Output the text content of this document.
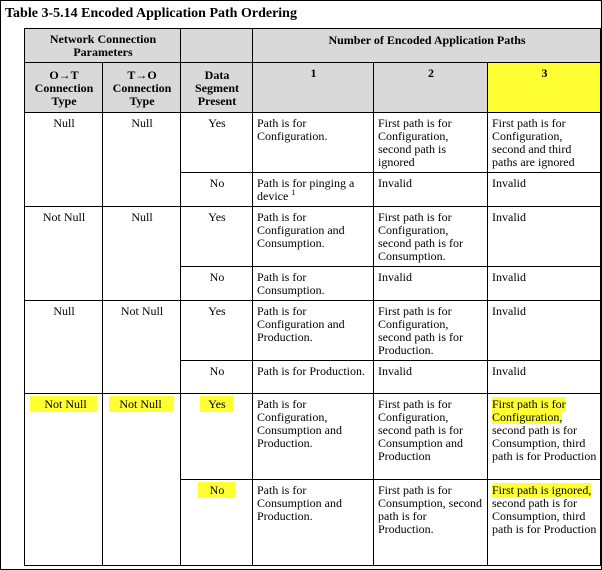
Table 3-5.14 Encoded Application Path Ordering
Network Connection Parameters			Number of Encoded Application Paths		
O→T Connection Type	T→O Connection Type	Data Segment Present	1	2	3
Null	Null	Yes	Path is for Configuration.	First path is for Configuration, second path is ignored	First path is for Configuration, second and third paths are ignored
		No	Path is for pinging a device $^1$	Invalid	Invalid
Not Null	Null	Yes	Path is for Configuration and Consumption.	First path is for Configuration, second path is for Consumption.	Invalid
		No	Path is for Consumption.	Invalid	Invalid
Null	Not Null	Yes	Path is for Configuration and Production.	First path is for Configuration, second path is for Production.	Invalid
		No	Path is for Production.	Invalid	Invalid
Not Null	Not Null	Yes	Path is for Configuration, Consumption and Production.	First path is for Configuration, second path is for Consumption and Production	First path is for Configuration, second path is for Consumption, third path is for Production
		No	Path is for Consumption and Production.	First path is for Consumption, second path is for Production.	First path is ignored, second path is for Consumption, third path is for Production
